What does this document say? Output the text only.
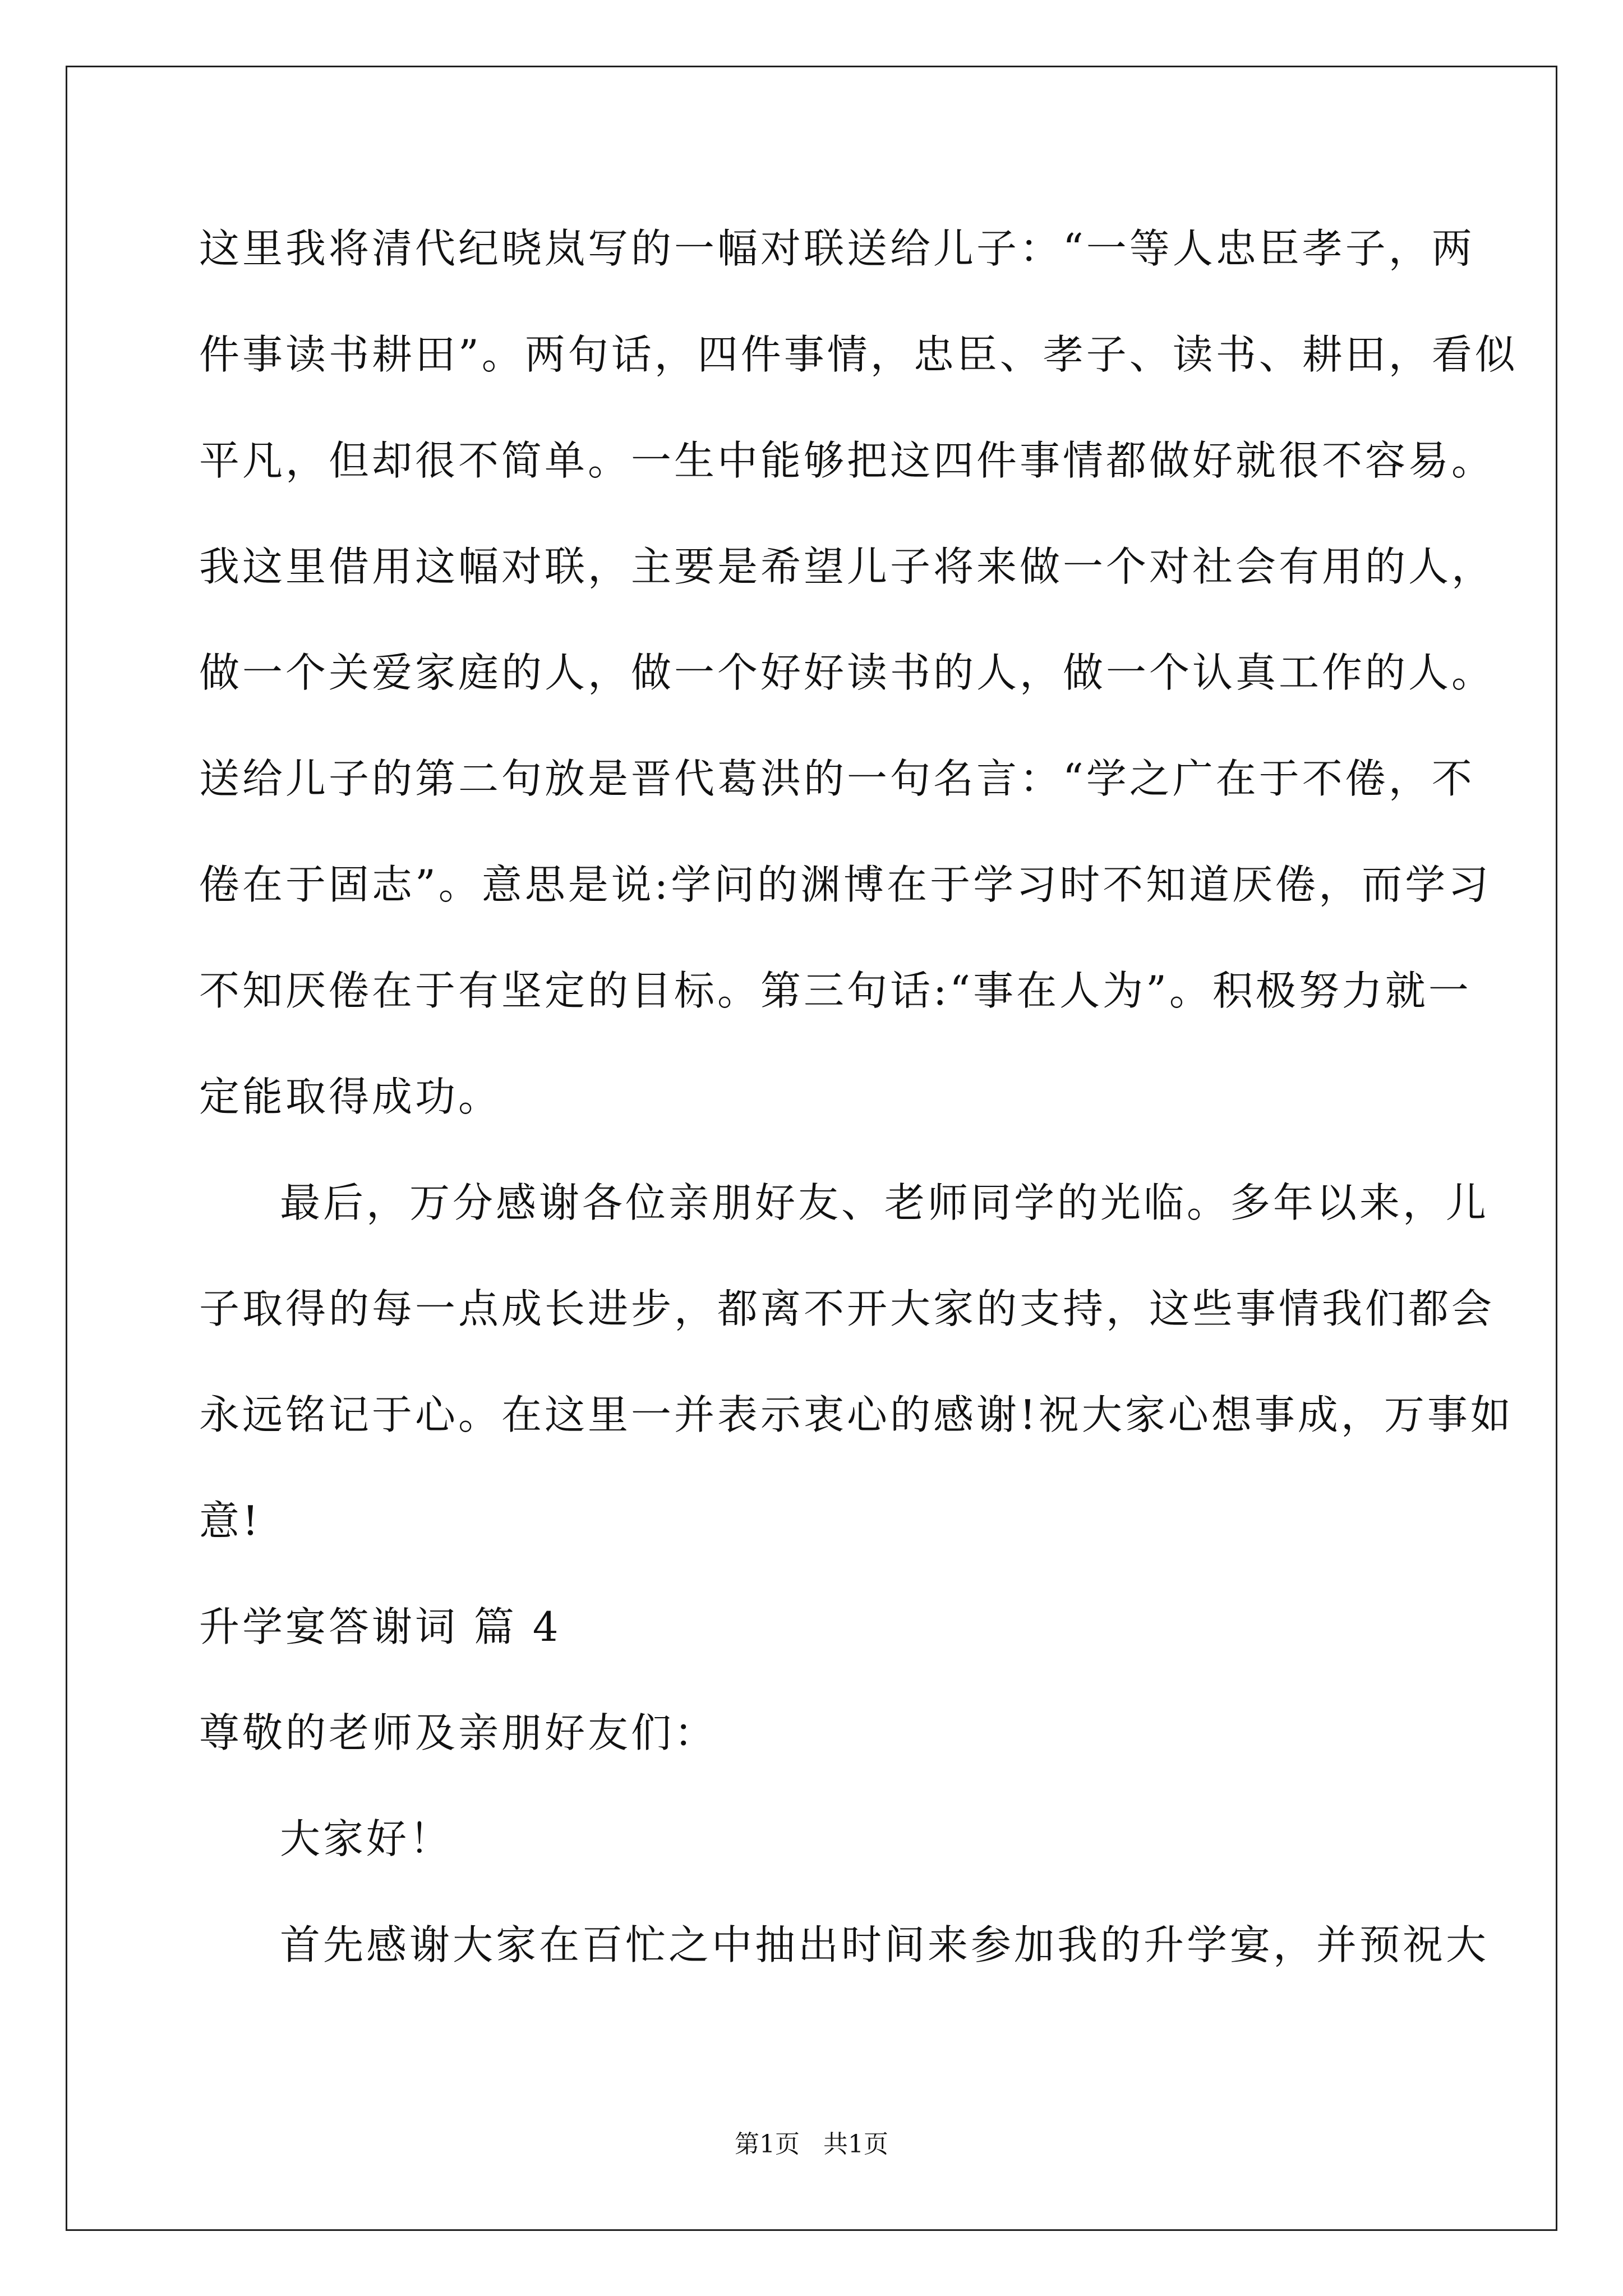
这里我将清代纪晓岚写的一幅对联送给儿子：“一等人忠臣孝子，两
件事读书耕田”。两句话，四件事情，忠臣、孝子、读书、耕田，看似
平凡，但却很不简单。一生中能够把这四件事情都做好就很不容易。
我这里借用这幅对联，主要是希望儿子将来做一个对社会有用的人，
做一个关爱家庭的人，做一个好好读书的人，做一个认真工作的人。
送给儿子的第二句放是晋代葛洪的一句名言：“学之广在于不倦，不
倦在于固志”。意思是说:学问的渊博在于学习时不知道厌倦，而学习
不知厌倦在于有坚定的目标。第三句话:“事在人为”。积极努力就一
定能取得成功。
最后，万分感谢各位亲朋好友、老师同学的光临。多年以来，儿
子取得的每一点成长进步，都离不开大家的支持，这些事情我们都会
永远铭记于心。在这里一并表示衷心的感谢!祝大家心想事成，万事如
意!
升学宴答谢词 篇 4
尊敬的老师及亲朋好友们：
大家好！
首先感谢大家在百忙之中抽出时间来参加我的升学宴，并预祝大
第1页   共1页
